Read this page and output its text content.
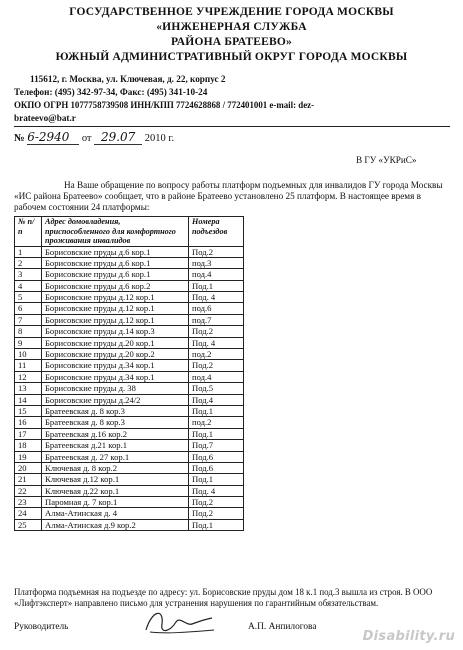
ГОСУДАРСТВЕННОЕ УЧРЕЖДЕНИЕ ГОРОДА МОСКВЫ
«ИНЖЕНЕРНАЯ СЛУЖБА
РАЙОНА БРАТЕЕВО»
ЮЖНЫЙ АДМИНИСТРАТИВНЫЙ ОКРУГ ГОРОДА МОСКВЫ
115612, г. Москва, ул. Ключевая, д. 22, корпус 2
Телефон: (495) 342-97-34, Факс: (495) 341-10-24
ОКПО ОГРН 1077758739508 ИНН/КПП 7724628868 / 772401001 e-mail: dez-
brateevo@bat.r
№ 6-2940 от 29.07 2010 г.
В ГУ «УКРиС»
На Ваше обращение по вопросу работы платформ подъемных для инвалидов ГУ города Москвы «ИС района Братеево» сообщает, что в районе Братеево установлено 25 платформ. В настоящее время в рабочем состоянии 24 платформы:
№ п/п	Адрес домовладения, приспособленного для комфортного проживания инвалидов	Номера подъездов
1	Борисовские пруды д.6 кор.1	Под.2
2	Борисовские пруды д.6 кор.1	под.3
3	Борисовские пруды д.6 кор.1	под.4
4	Борисовские пруды д.6 кор.2	Под.1
5	Борисовские пруды д.12 кор.1	Под. 4
6	Борисовские пруды д.12 кор.1	под.6
7	Борисовские пруды д.12 кор.1	под.7
8	Борисовские пруды д.14 кор.3	Под.2
9	Борисовские пруды д.20 кор.1	Под. 4
10	Борисовские пруды д.20 кор.2	под.2
11	Борисовские пруды д.34 кор.1	Под.2
12	Борисовские пруды д.34 кор.1	под.4
13	Борисовские пруды д. 38	Под.5
14	Борисовские пруды д.24/2	Под.4
15	Братеевская д. 8 кор.3	Под.1
16	Братеевская д. 8 кор.3	под.2
17	Братеевская д.16 кор.2	Под.1
18	Братеевская д.21 кор.1	Под.7
19	Братеевская д. 27 кор.1	Под.6
20	Ключевая д. 8 кор.2	Под.6
21	Ключевая д.12 кор.1	Под.1
22	Ключевая д.22 кор.1	Под. 4
23	Паромная д. 7 кор.1	Под.2
24	Алма-Атинская д. 4	Под.2
25	Алма-Атинская д.9 кор.2	Под.1
Платформа подъемная на подъезде по адресу: ул. Борисовские пруды дом 18 к.1 под.3 вышла из строя. В ООО «Лифтэксперт» направлено письмо для устранения нарушения по гарантийным обязательствам.
Руководитель	А.П. Анпилогова
Disability.ru
